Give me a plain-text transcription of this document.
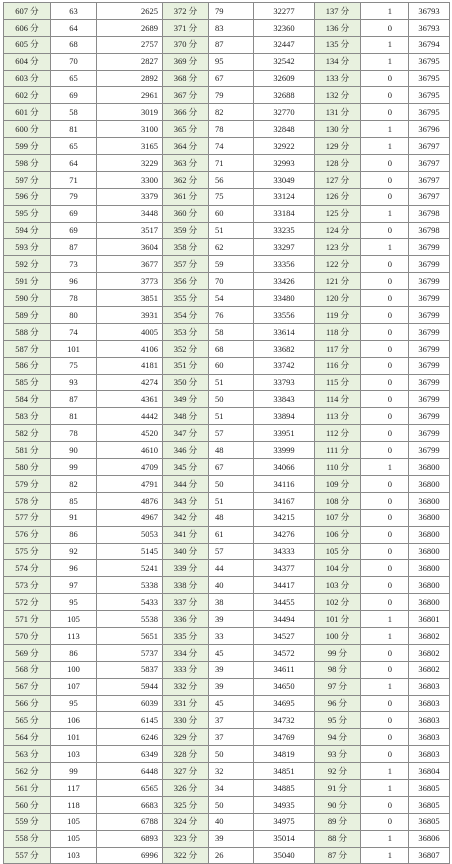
607 分	63	2625	372 分	79	32277	137 分	1	36793
606 分	64	2689	371 分	83	32360	136 分	0	36793
605 分	68	2757	370 分	87	32447	135 分	1	36794
604 分	70	2827	369 分	95	32542	134 分	1	36795
603 分	65	2892	368 分	67	32609	133 分	0	36795
602 分	69	2961	367 分	79	32688	132 分	0	36795
601 分	58	3019	366 分	82	32770	131 分	0	36795
600 分	81	3100	365 分	78	32848	130 分	1	36796
599 分	65	3165	364 分	74	32922	129 分	1	36797
598 分	64	3229	363 分	71	32993	128 分	0	36797
597 分	71	3300	362 分	56	33049	127 分	0	36797
596 分	79	3379	361 分	75	33124	126 分	0	36797
595 分	69	3448	360 分	60	33184	125 分	1	36798
594 分	69	3517	359 分	51	33235	124 分	0	36798
593 分	87	3604	358 分	62	33297	123 分	1	36799
592 分	73	3677	357 分	59	33356	122 分	0	36799
591 分	96	3773	356 分	70	33426	121 分	0	36799
590 分	78	3851	355 分	54	33480	120 分	0	36799
589 分	80	3931	354 分	76	33556	119 分	0	36799
588 分	74	4005	353 分	58	33614	118 分	0	36799
587 分	101	4106	352 分	68	33682	117 分	0	36799
586 分	75	4181	351 分	60	33742	116 分	0	36799
585 分	93	4274	350 分	51	33793	115 分	0	36799
584 分	87	4361	349 分	50	33843	114 分	0	36799
583 分	81	4442	348 分	51	33894	113 分	0	36799
582 分	78	4520	347 分	57	33951	112 分	0	36799
581 分	90	4610	346 分	48	33999	111 分	0	36799
580 分	99	4709	345 分	67	34066	110 分	1	36800
579 分	82	4791	344 分	50	34116	109 分	0	36800
578 分	85	4876	343 分	51	34167	108 分	0	36800
577 分	91	4967	342 分	48	34215	107 分	0	36800
576 分	86	5053	341 分	61	34276	106 分	0	36800
575 分	92	5145	340 分	57	34333	105 分	0	36800
574 分	96	5241	339 分	44	34377	104 分	0	36800
573 分	97	5338	338 分	40	34417	103 分	0	36800
572 分	95	5433	337 分	38	34455	102 分	0	36800
571 分	105	5538	336 分	39	34494	101 分	1	36801
570 分	113	5651	335 分	33	34527	100 分	1	36802
569 分	86	5737	334 分	45	34572	99 分	0	36802
568 分	100	5837	333 分	39	34611	98 分	0	36802
567 分	107	5944	332 分	39	34650	97 分	1	36803
566 分	95	6039	331 分	45	34695	96 分	0	36803
565 分	106	6145	330 分	37	34732	95 分	0	36803
564 分	101	6246	329 分	37	34769	94 分	0	36803
563 分	103	6349	328 分	50	34819	93 分	0	36803
562 分	99	6448	327 分	32	34851	92 分	1	36804
561 分	117	6565	326 分	34	34885	91 分	1	36805
560 分	118	6683	325 分	50	34935	90 分	0	36805
559 分	105	6788	324 分	40	34975	89 分	0	36805
558 分	105	6893	323 分	39	35014	88 分	1	36806
557 分	103	6996	322 分	26	35040	87 分	1	36807
